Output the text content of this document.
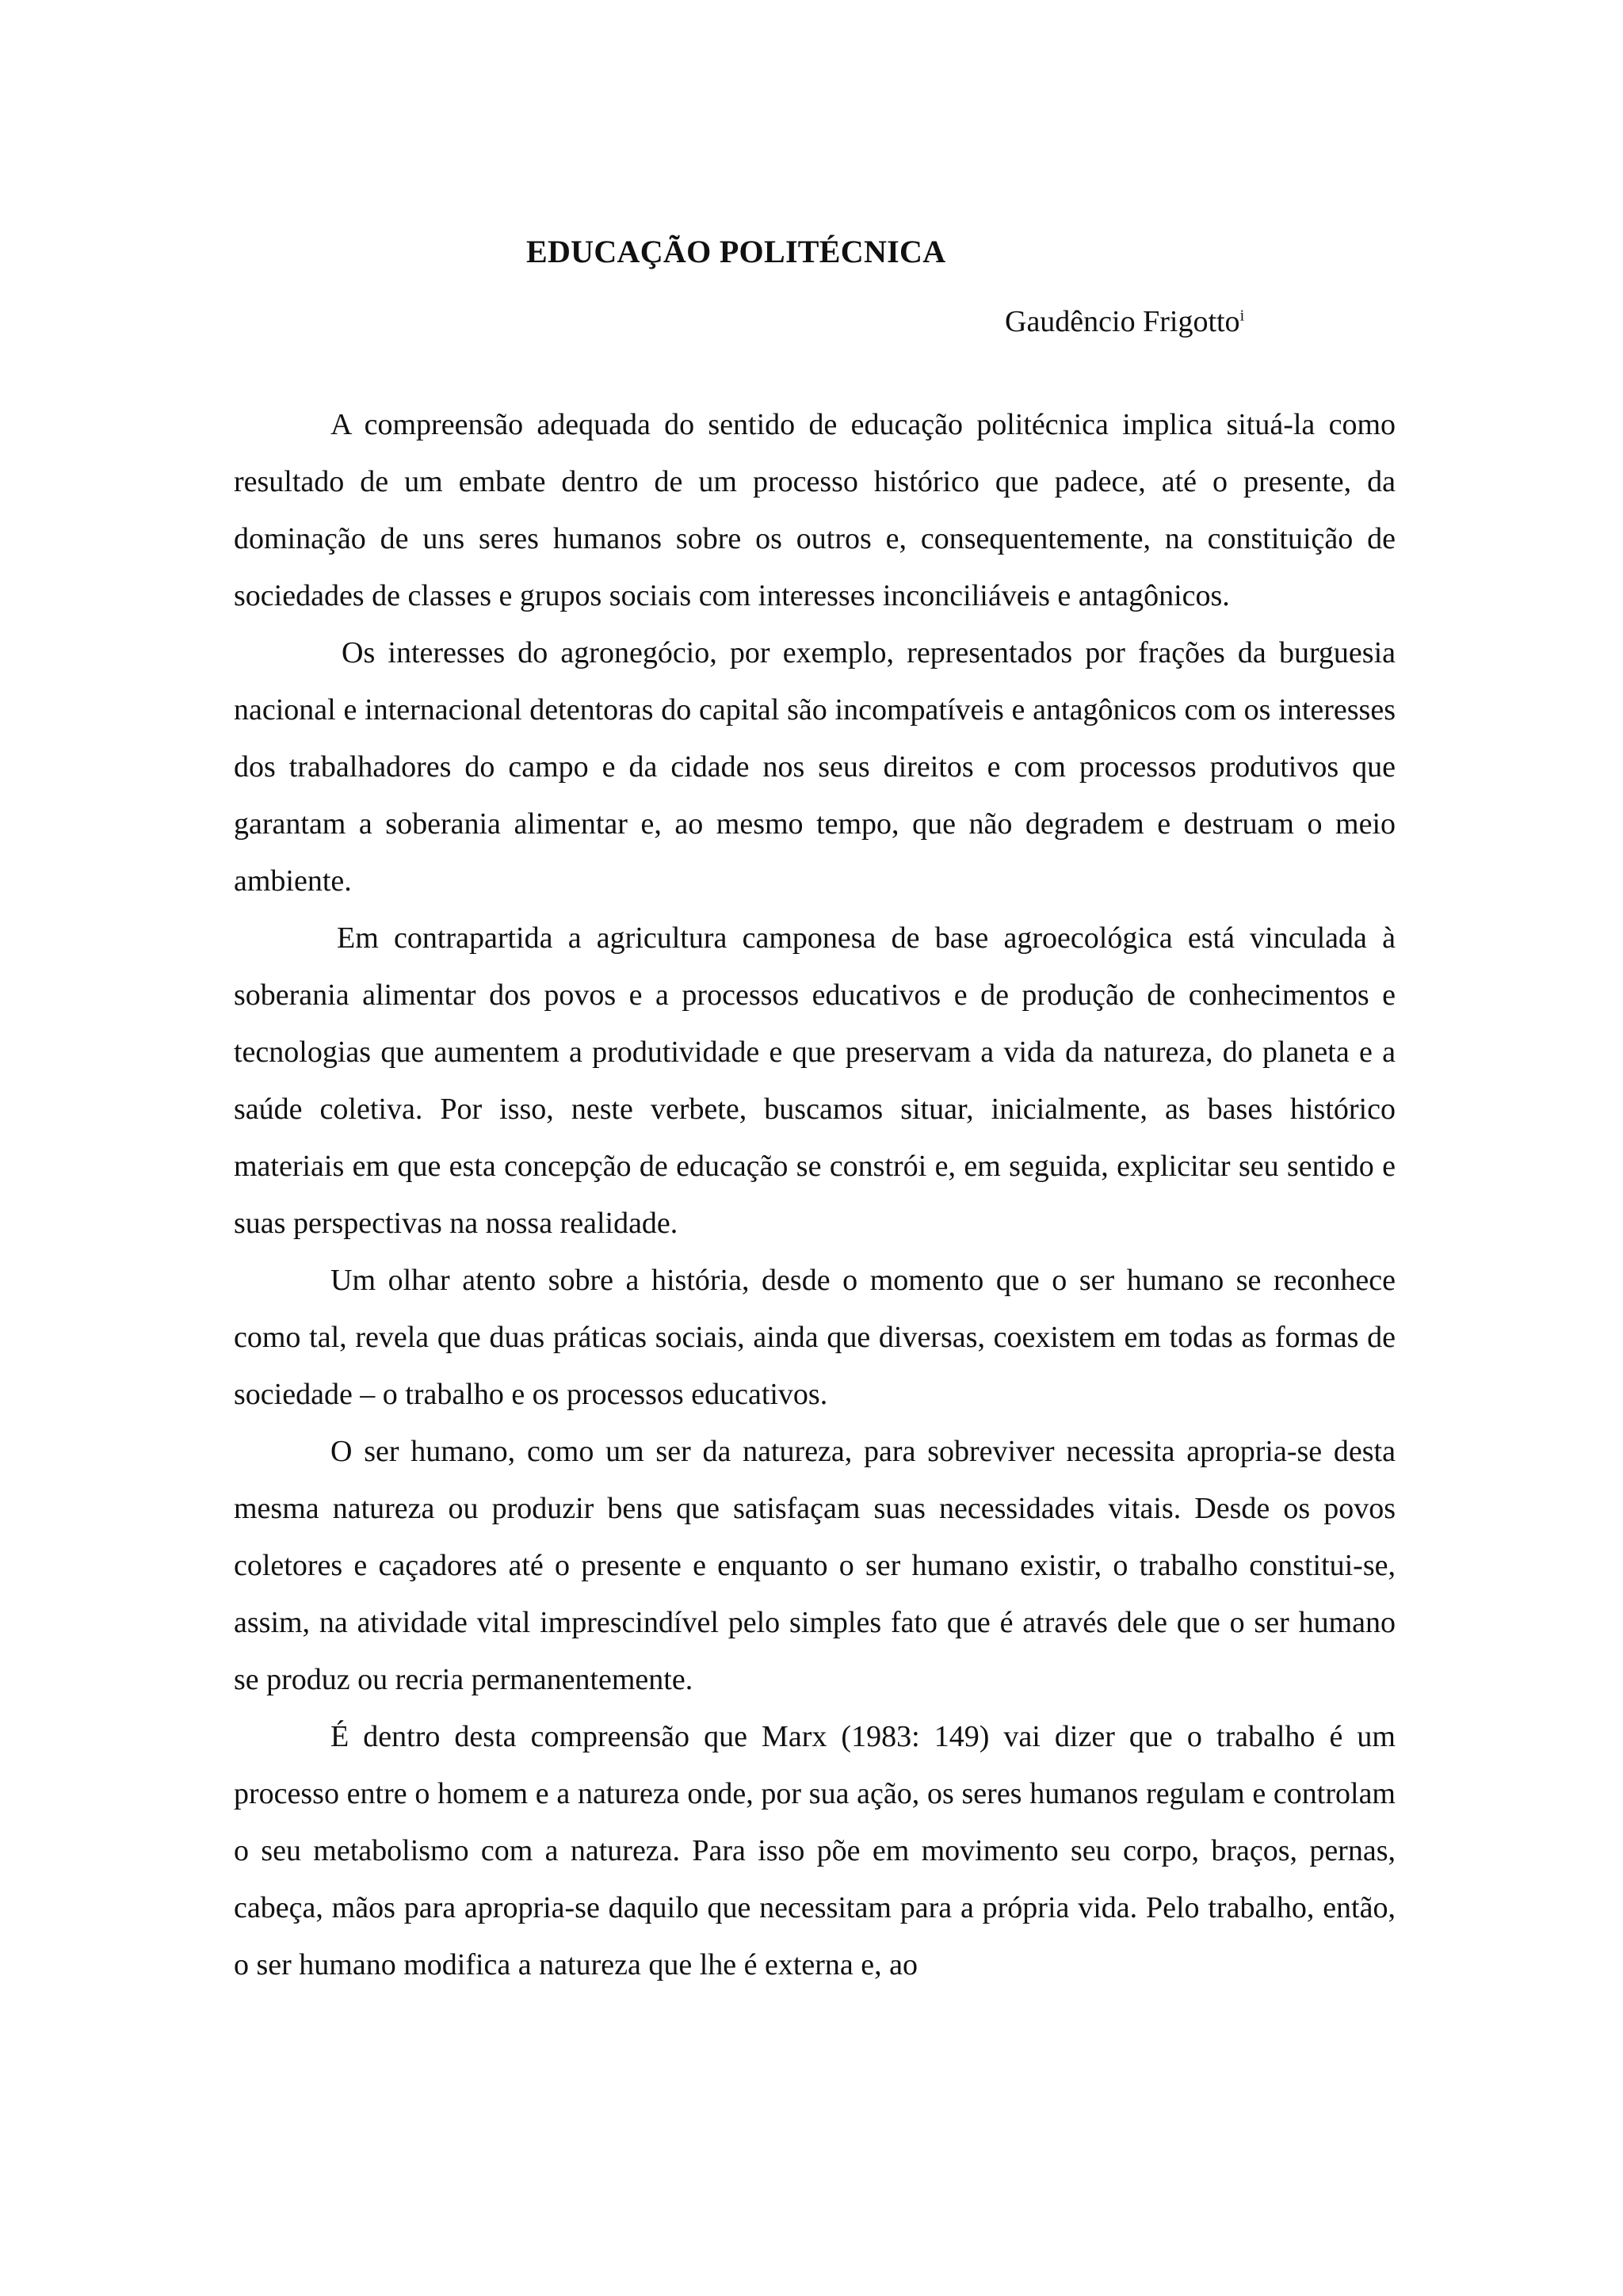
EDUCAÇÃO POLITÉCNICA

Gaudêncio Frigotto$^i$

A compreensão adequada do sentido de educação politécnica implica situá-la como resultado de um embate dentro de um processo histórico que padece, até o presente, da dominação de uns seres humanos sobre os outros e, consequentemente, na constituição de sociedades de classes e grupos sociais com interesses inconciliáveis e antagônicos.

Os interesses do agronegócio, por exemplo, representados por frações da burguesia nacional e internacional detentoras do capital são incompatíveis e antagônicos com os interesses dos trabalhadores do campo e da cidade nos seus direitos e com processos produtivos que garantam a soberania alimentar e, ao mesmo tempo, que não degradem e destruam o meio ambiente.

Em contrapartida a agricultura camponesa de base agroecológica está vinculada à soberania alimentar dos povos e a processos educativos e de produção de conhecimentos e tecnologias que aumentem a produtividade e que preservam a vida da natureza, do planeta e a saúde coletiva. Por isso, neste verbete, buscamos situar, inicialmente, as bases histórico materiais em que esta concepção de educação se constrói e, em seguida, explicitar seu sentido e suas perspectivas na nossa realidade.

Um olhar atento sobre a história, desde o momento que o ser humano se reconhece como tal, revela que duas práticas sociais, ainda que diversas, coexistem em todas as formas de sociedade – o trabalho e os processos educativos.

O ser humano, como um ser da natureza, para sobreviver necessita apropria-se desta mesma natureza ou produzir bens que satisfaçam suas necessidades vitais. Desde os povos coletores e caçadores até o presente e enquanto o ser humano existir, o trabalho constitui-se, assim, na atividade vital imprescindível pelo simples fato que é através dele que o ser humano se produz ou recria permanentemente.

É dentro desta compreensão que Marx (1983: 149) vai dizer que o trabalho é um processo entre o homem e a natureza onde, por sua ação, os seres humanos regulam e controlam o seu metabolismo com a natureza. Para isso põe em movimento seu corpo, braços, pernas, cabeça, mãos para apropria-se daquilo que necessitam para a própria vida. Pelo trabalho, então, o ser humano modifica a natureza que lhe é externa e, ao
